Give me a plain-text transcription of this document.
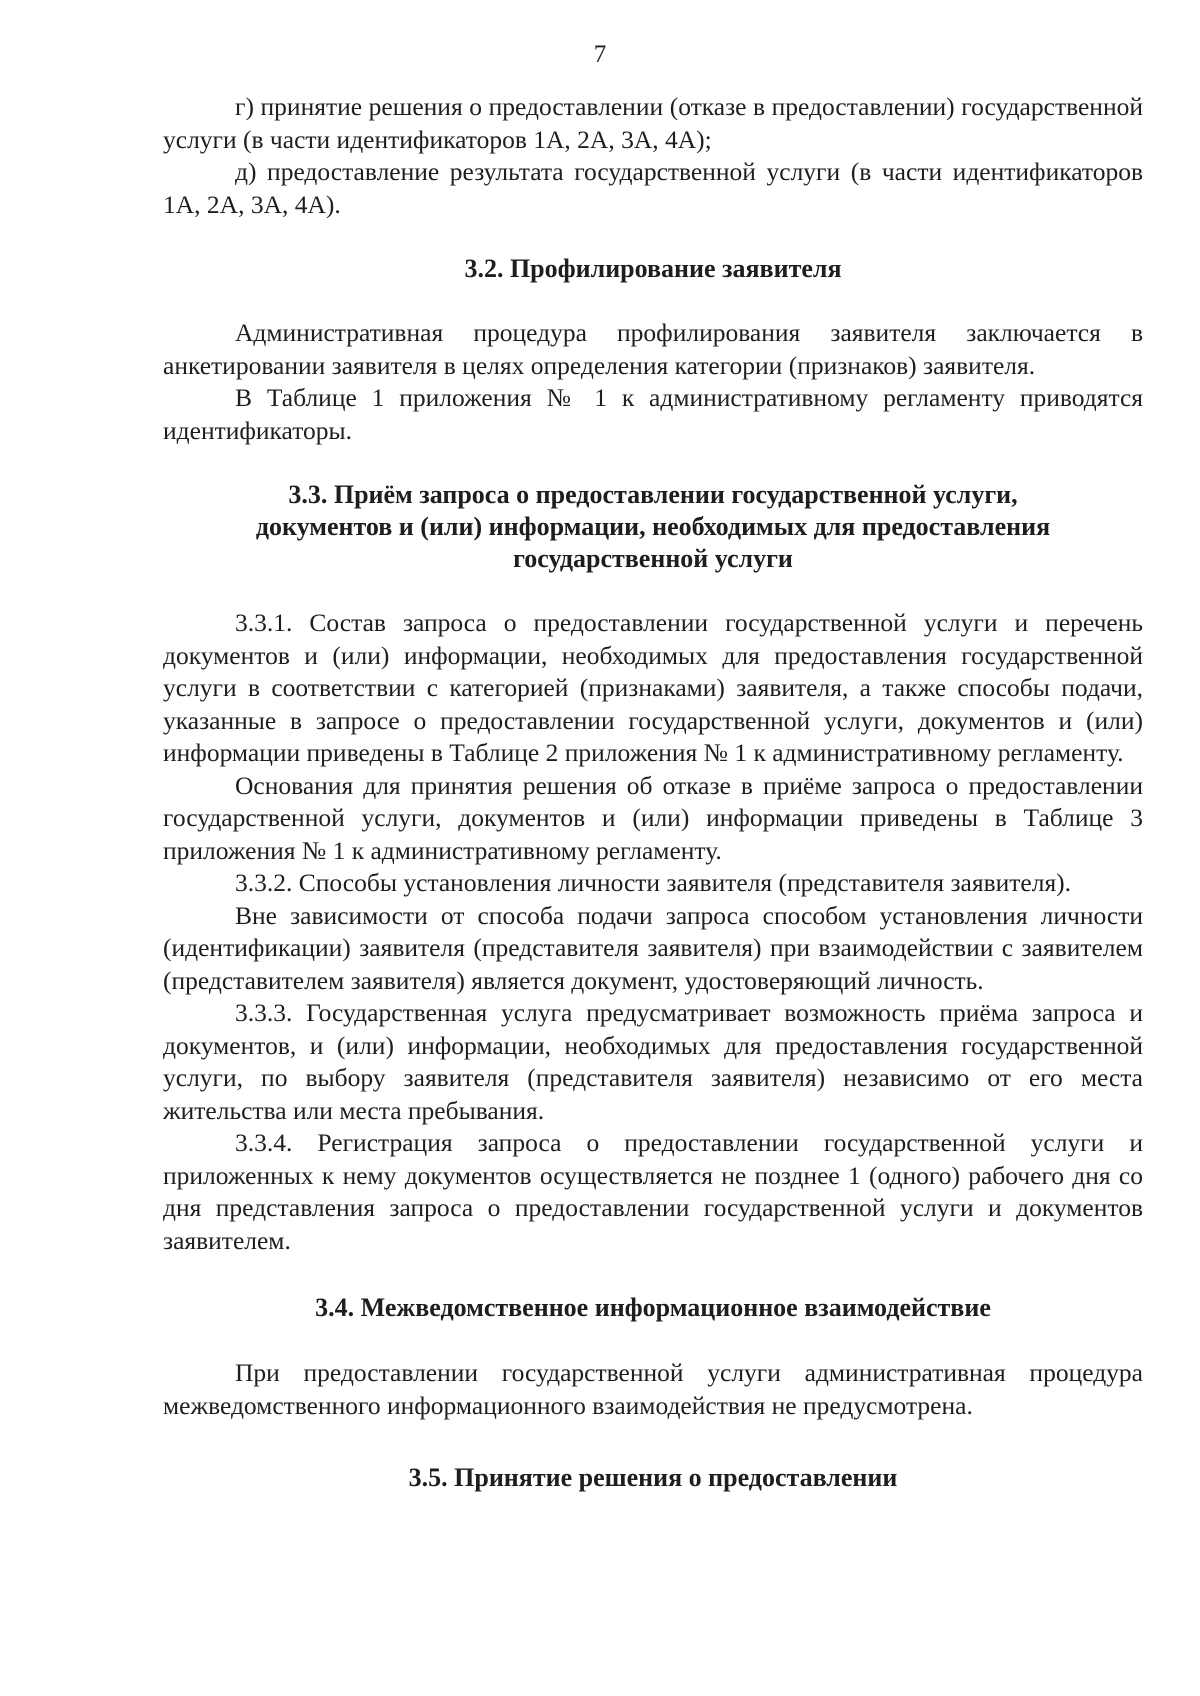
7

г) принятие решения о предоставлении (отказе в предоставлении) государственной услуги (в части идентификаторов 1А, 2А, 3А, 4А);

д) предоставление результата государственной услуги (в части идентификаторов 1А, 2А, 3А, 4А).

3.2. Профилирование заявителя

Административная процедура профилирования заявителя заключается в анкетировании заявителя в целях определения категории (признаков) заявителя.

В Таблице 1 приложения № 1 к административному регламенту приводятся идентификаторы.

3.3. Приём запроса о предоставлении государственной услуги,
документов и (или) информации, необходимых для предоставления
государственной услуги

3.3.1. Состав запроса о предоставлении государственной услуги и перечень документов и (или) информации, необходимых для предоставления государственной услуги в соответствии с категорией (признаками) заявителя, а также способы подачи, указанные в запросе о предоставлении государственной услуги, документов и (или) информации приведены в Таблице 2 приложения № 1 к административному регламенту.

Основания для принятия решения об отказе в приёме запроса о предоставлении государственной услуги, документов и (или) информации приведены в Таблице 3 приложения № 1 к административному регламенту.

3.3.2. Способы установления личности заявителя (представителя заявителя).

Вне зависимости от способа подачи запроса способом установления личности (идентификации) заявителя (представителя заявителя) при взаимодействии с заявителем (представителем заявителя) является документ, удостоверяющий личность.

3.3.3. Государственная услуга предусматривает возможность приёма запроса и документов, и (или) информации, необходимых для предоставления государственной услуги, по выбору заявителя (представителя заявителя) независимо от его места жительства или места пребывания.

3.3.4. Регистрация запроса о предоставлении государственной услуги и приложенных к нему документов осуществляется не позднее 1 (одного) рабочего дня со дня представления запроса о предоставлении государственной услуги и документов заявителем.

3.4. Межведомственное информационное взаимодействие

При предоставлении государственной услуги административная процедура межведомственного информационного взаимодействия не предусмотрена.

3.5. Принятие решения о предоставлении
